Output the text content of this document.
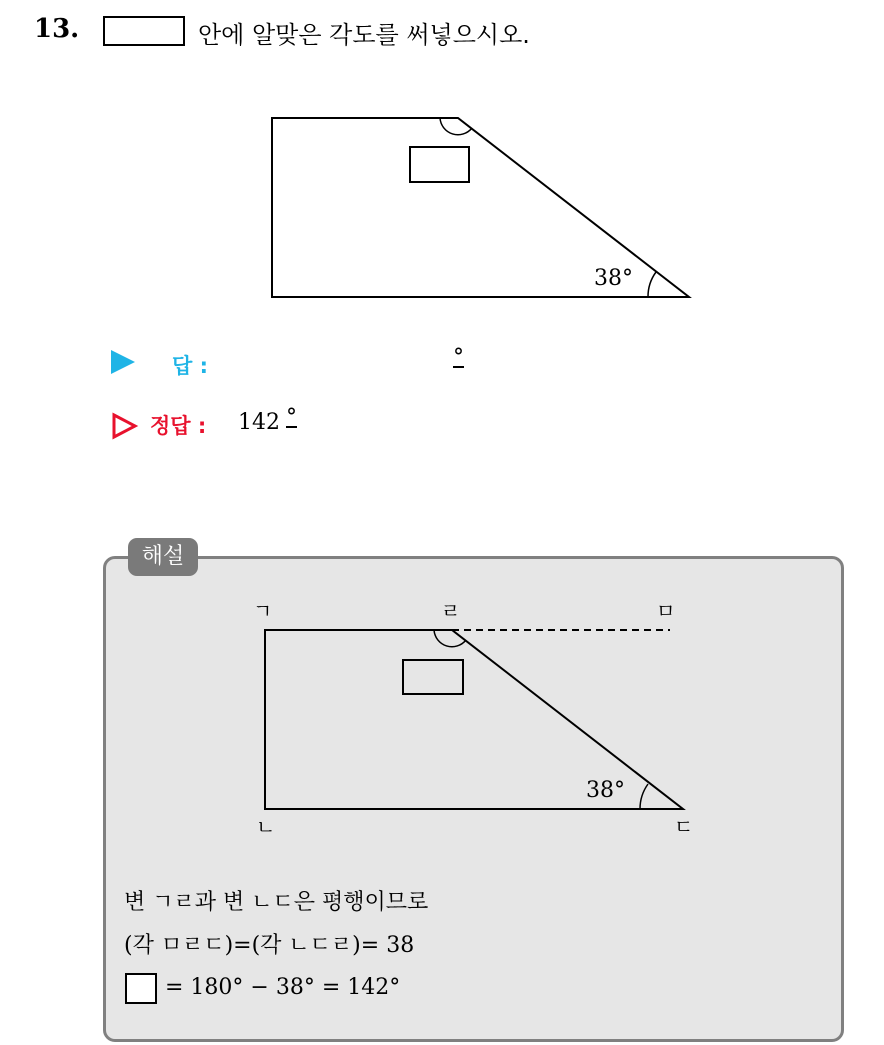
13.	안에 알맞은 각도를 써넣으시오.
38°
답 :	°
정답 : 142 °
해설
38°
ㄱ	ㄹ	ㅁ
ㄴ	ㄷ
변 ㄱㄹ과 변 ㄴㄷ은 평행이므로
(각 ㅁㄹㄷ)=(각 ㄴㄷㄹ)= 38
= 180° − 38° = 142°
